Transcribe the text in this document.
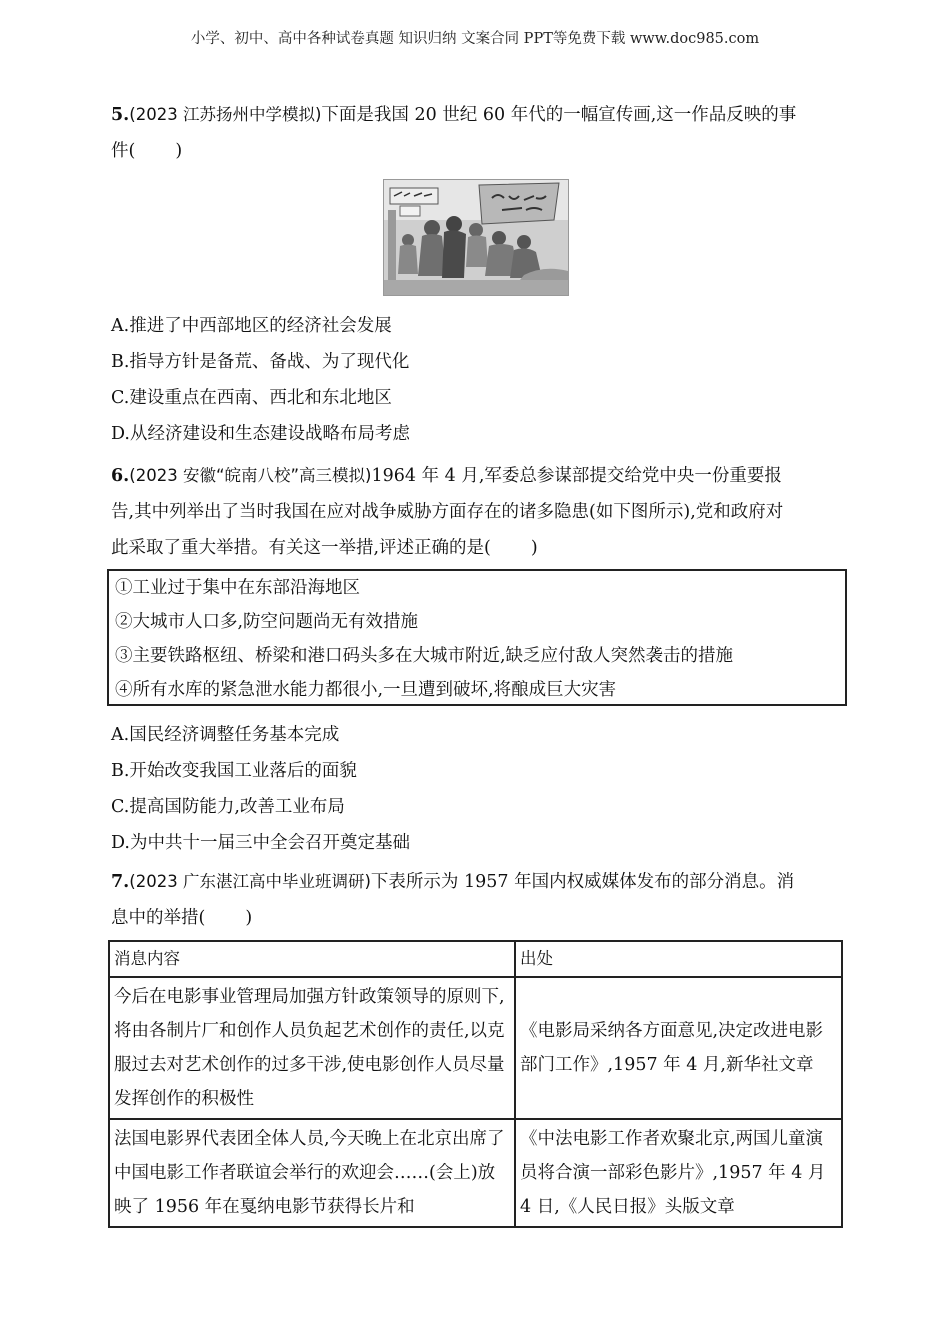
小学、初中、高中各种试卷真题 知识归纳 文案合同 PPT等免费下载 www.doc985.com
5.(2023 江苏扬州中学模拟)下面是我国 20 世纪 60 年代的一幅宣传画,这一作品反映的事
件( )
A.推进了中西部地区的经济社会发展
B.指导方针是备荒、备战、为了现代化
C.建设重点在西南、西北和东北地区
D.从经济建设和生态建设战略布局考虑
6.(2023 安徽“皖南八校”高三模拟)1964 年 4 月,军委总参谋部提交给党中央一份重要报
告,其中列举出了当时我国在应对战争威胁方面存在的诸多隐患(如下图所示),党和政府对
此采取了重大举措。有关这一举措,评述正确的是( )
①工业过于集中在东部沿海地区
②大城市人口多,防空问题尚无有效措施
③主要铁路枢纽、桥梁和港口码头多在大城市附近,缺乏应付敌人突然袭击的措施
④所有水库的紧急泄水能力都很小,一旦遭到破坏,将酿成巨大灾害
A.国民经济调整任务基本完成
B.开始改变我国工业落后的面貌
C.提高国防能力,改善工业布局
D.为中共十一届三中全会召开奠定基础
7.(2023 广东湛江高中毕业班调研)下表所示为 1957 年国内权威媒体发布的部分消息。消
息中的举措( )
消息内容	出处
今后在电影事业管理局加强方针政策领导的原则下,将由各制片厂和创作人员负起艺术创作的责任,以克服过去对艺术创作的过多干涉,使电影创作人员尽量发挥创作的积极性	《电影局采纳各方面意见,决定改进电影部门工作》,1957 年 4 月,新华社文章
法国电影界代表团全体人员,今天晚上在北京出席了中国电影工作者联谊会举行的欢迎会……(会上)放映了 1956 年在戛纳电影节获得长片和	《中法电影工作者欢聚北京,两国儿童演员将合演一部彩色影片》,1957 年 4 月 4 日,《人民日报》头版文章
